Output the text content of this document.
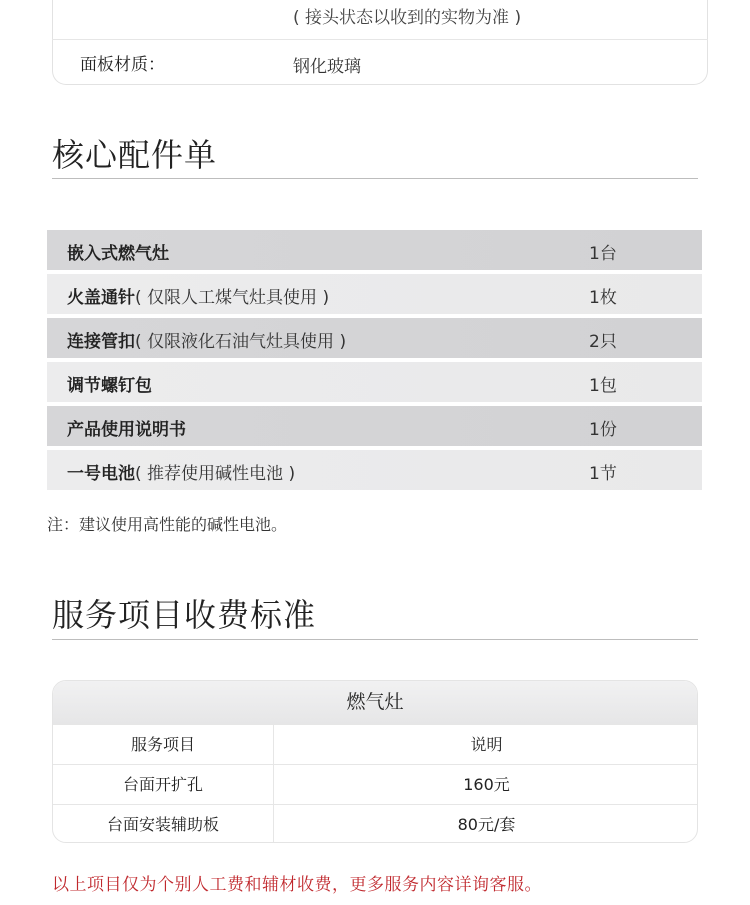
( 接头状态以收到的实物为准 )
面板材质：	钢化玻璃
核心配件单
嵌入式燃气灶	1台
火盖通针( 仅限人工煤气灶具使用 )	1枚
连接管扣( 仅限液化石油气灶具使用 )	2只
调节螺钉包	1包
产品使用说明书	1份
一号电池( 推荐使用碱性电池 )	1节
注：建议使用高性能的碱性电池。
服务项目收费标准
燃气灶
服务项目	说明
台面开扩孔	160元
台面安装辅助板	80元/套
以上项目仅为个别人工费和辅材收费，更多服务内容详询客服。
